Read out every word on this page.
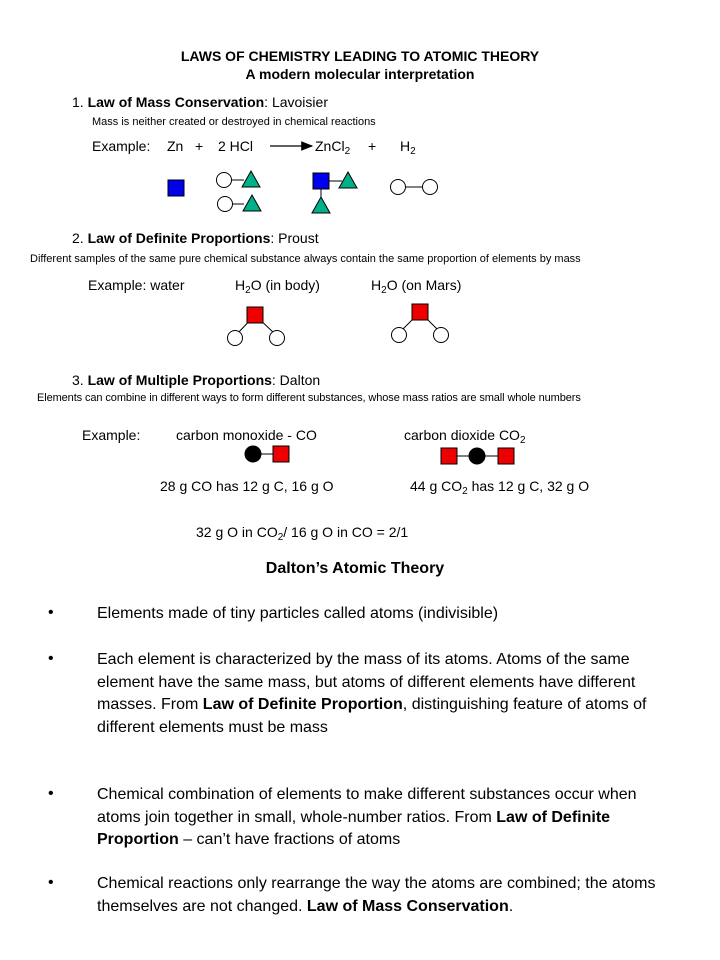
LAWS OF CHEMISTRY LEADING TO ATOMIC THEORY
A modern molecular interpretation
1. Law of Mass Conservation: Lavoisier
Mass is neither created or destroyed in chemical reactions
Example: Zn + 2 HCl	ZnCl$_2$ + $H_2$
2. Law of Definite Proportions: Proust
Different samples of the same pure chemical substance always contain the same proportion of elements by mass
Example: water	$H_2O$ (in body)	$H_2O$ (on Mars)
3. Law of Multiple Proportions: Dalton
Elements can combine in different ways to form different substances, whose mass ratios are small whole numbers
Example:	carbon monoxide - CO	carbon dioxide $CO_2$
28 g CO has 12 g C, 16 g O	44 g $CO_2$ has 12 g C, 32 g O
32 g O in $CO_2/$ 16 g O in CO = 2/1
Dalton’s Atomic Theory
•	Elements made of tiny particles called atoms (indivisible)
•	Each element is characterized by the mass of its atoms. Atoms of the same element have the same mass, but atoms of different elements have different masses. From Law of Definite Proportion, distinguishing feature of atoms of different elements must be mass
•	Chemical combination of elements to make different substances occur when atoms join together in small, whole-number ratios. From Law of Definite Proportion – can’t have fractions of atoms
•	Chemical reactions only rearrange the way the atoms are combined; the atoms themselves are not changed. Law of Mass Conservation.
